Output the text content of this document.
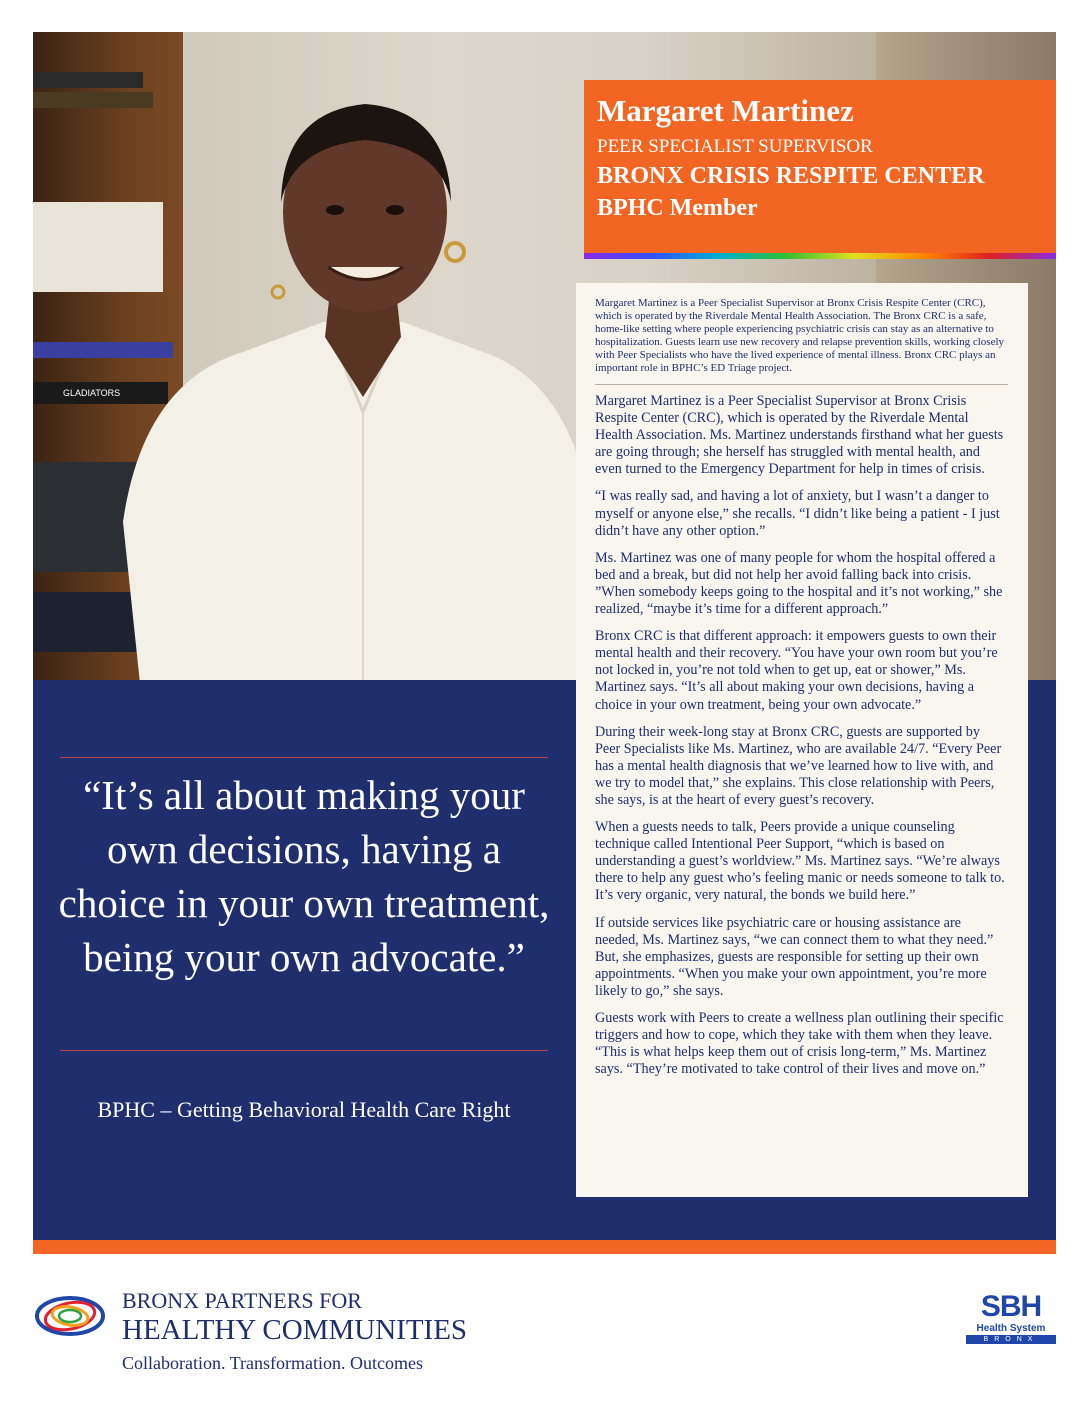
GLADIATORS
Margaret Martinez
PEER SPECIALIST SUPERVISOR
BRONX CRISIS RESPITE CENTER
BPHC Member

Margaret Martinez is a Peer Specialist Supervisor at Bronx Crisis Respite Center (CRC), which is operated by the Riverdale Mental Health Association. The Bronx CRC is a safe, home-like setting where people experiencing psychiatric crisis can stay as an alternative to hospitalization. Guests learn use new recovery and relapse prevention skills, working closely with Peer Specialists who have the lived experience of mental illness. Bronx CRC plays an important role in BPHC’s ED Triage project.

Margaret Martinez is a Peer Specialist Supervisor at Bronx Crisis Respite Center (CRC), which is operated by the Riverdale Mental Health Association. Ms. Martinez understands firsthand what her guests are going through; she herself has struggled with mental health, and even turned to the Emergency Department for help in times of crisis.

“I was really sad, and having a lot of anxiety, but I wasn’t a danger to myself or anyone else,” she recalls. “I didn’t like being a patient - I just didn’t have any other option.”

Ms. Martinez was one of many people for whom the hospital offered a bed and a break, but did not help her avoid falling back into crisis. ”When somebody keeps going to the hospital and it’s not working,” she realized, “maybe it’s time for a different approach.”

Bronx CRC is that different approach: it empowers guests to own their mental health and their recovery. “You have your own room but you’re not locked in, you’re not told when to get up, eat or shower,” Ms. Martinez says. “It’s all about making your own decisions, having a choice in your own treatment, being your own advocate.”

During their week-long stay at Bronx CRC, guests are supported by Peer Specialists like Ms. Martinez, who are available 24/7. “Every Peer has a mental health diagnosis that we’ve learned how to live with, and we try to model that,” she explains. This close relationship with Peers, she says, is at the heart of every guest’s recovery.

When a guests needs to talk, Peers provide a unique counseling technique called Intentional Peer Support, “which is based on understanding a guest’s worldview.” Ms. Martinez says. “We’re always there to help any guest who’s feeling manic or needs someone to talk to. It’s very organic, very natural, the bonds we build here.”

If outside services like psychiatric care or housing assistance are needed, Ms. Martinez says, “we can connect them to what they need.” But, she emphasizes, guests are responsible for setting up their own appointments. “When you make your own appointment, you’re more likely to go,” she says.

Guests work with Peers to create a wellness plan outlining their specific triggers and how to cope, which they take with them when they leave. “This is what helps keep them out of crisis long-term,” Ms. Martinez says. “They’re motivated to take control of their lives and move on.”

“It’s all about making your own decisions, having a choice in your own treatment, being your own advocate.”

BPHC – Getting Behavioral Health Care Right
BRONX PARTNERS FOR
HEALTHY COMMUNITIES
Collaboration. Transformation. Outcomes
SBH
Health System
BRONX
